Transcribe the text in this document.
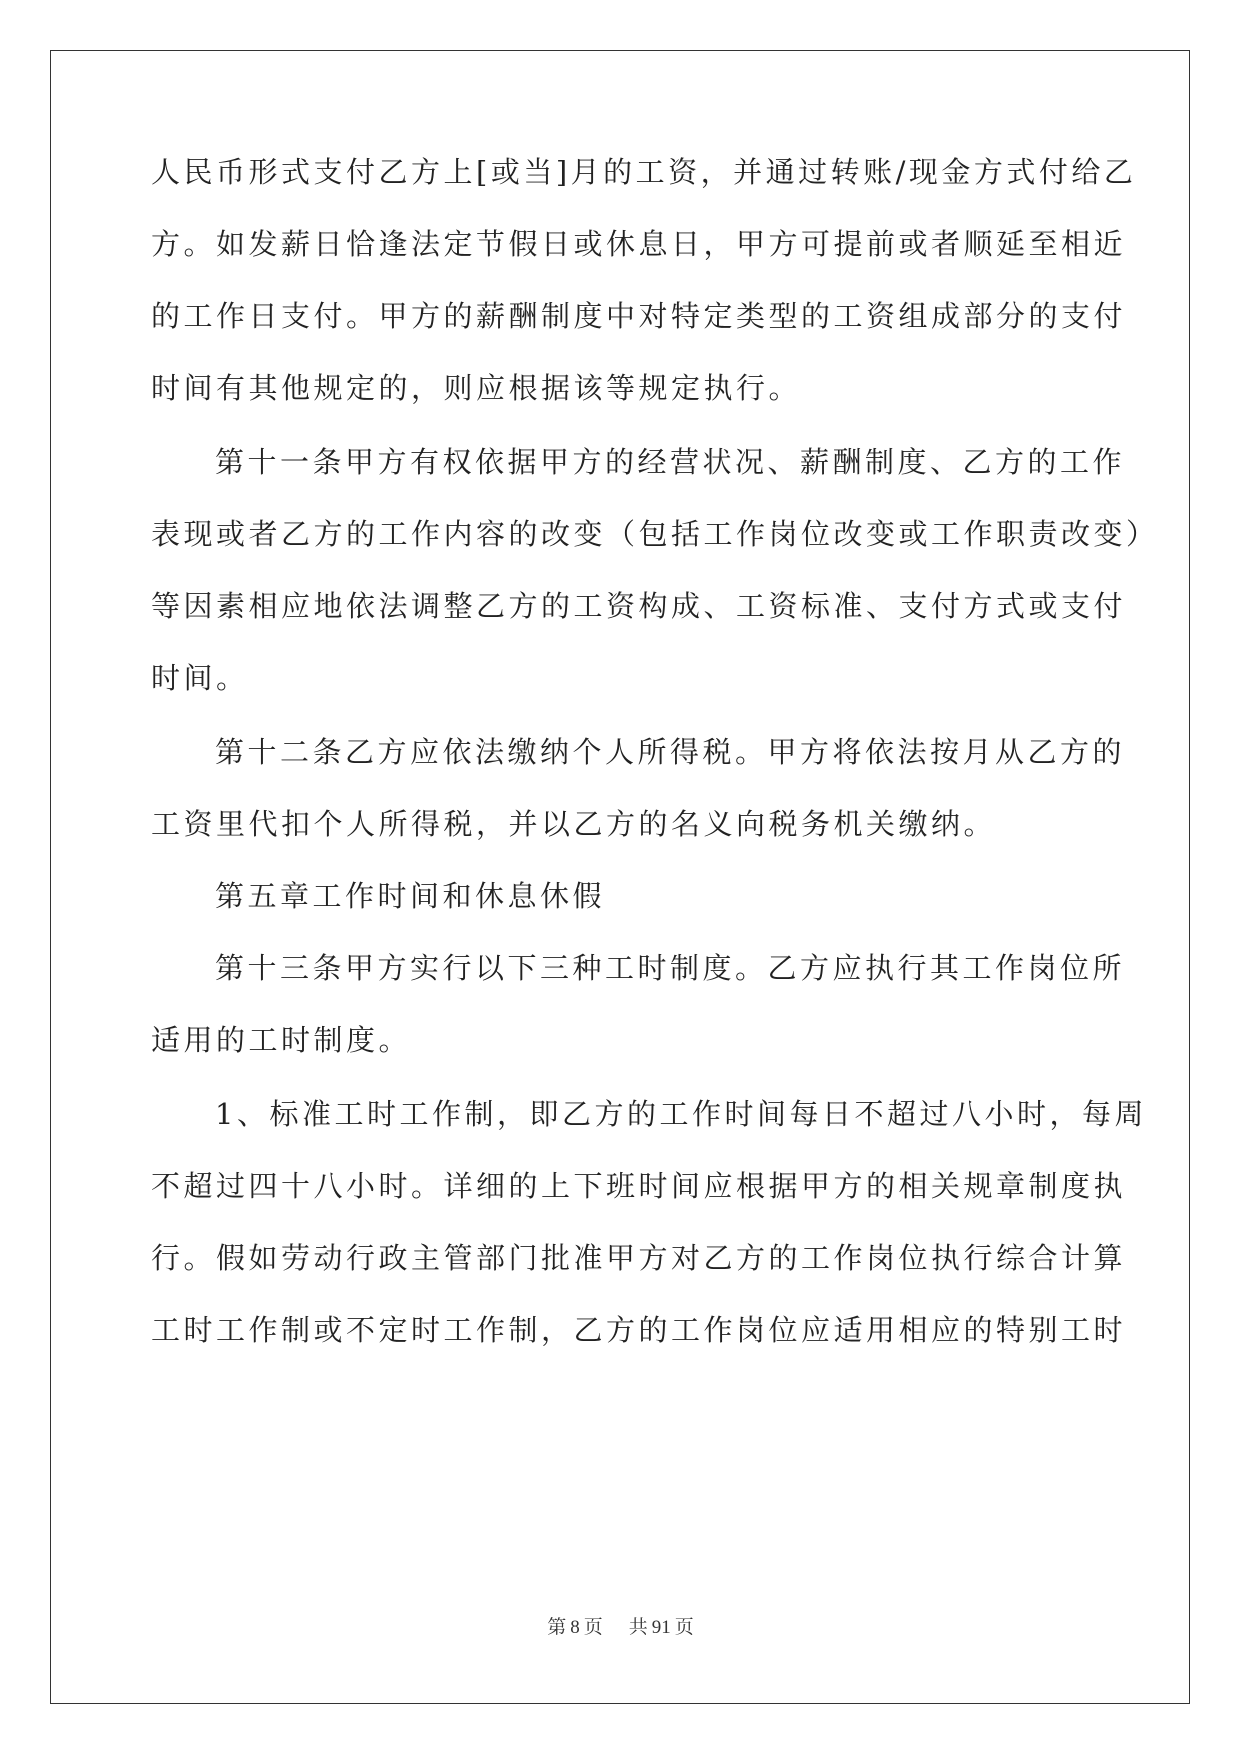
人民币形式支付乙方上[或当]月的工资，并通过转账/现金方式付给乙
方。如发薪日恰逢法定节假日或休息日，甲方可提前或者顺延至相近
的工作日支付。甲方的薪酬制度中对特定类型的工资组成部分的支付
时间有其他规定的，则应根据该等规定执行。
第十一条甲方有权依据甲方的经营状况、薪酬制度、乙方的工作
表现或者乙方的工作内容的改变（包括工作岗位改变或工作职责改变）
等因素相应地依法调整乙方的工资构成、工资标准、支付方式或支付
时间。
第十二条乙方应依法缴纳个人所得税。甲方将依法按月从乙方的
工资里代扣个人所得税，并以乙方的名义向税务机关缴纳。
第五章工作时间和休息休假
第十三条甲方实行以下三种工时制度。乙方应执行其工作岗位所
适用的工时制度。
1、标准工时工作制，即乙方的工作时间每日不超过八小时，每周
不超过四十八小时。详细的上下班时间应根据甲方的相关规章制度执
行。假如劳动行政主管部门批准甲方对乙方的工作岗位执行综合计算
工时工作制或不定时工作制，乙方的工作岗位应适用相应的特别工时
第 8 页 共 91 页
